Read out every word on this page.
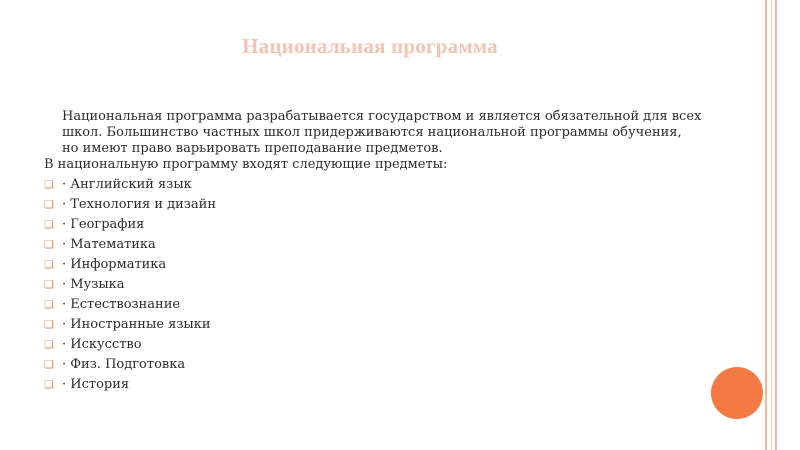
Национальная программа
Национальная программа разрабатывается государством и является обязательной для всех школ. Большинство частных школ придерживаются национальной программы обучения, но имеют право варьировать преподавание предметов.
В национальную программу входят следующие предметы:
❑ · Английский язык
❑ · Технология и дизайн
❑ · География
❑ · Математика
❑ · Информатика
❑ · Музыка
❑ · Естествознание
❑ · Иностранные языки
❑ · Искусство
❑ · Физ. Подготовка
❑ · История
